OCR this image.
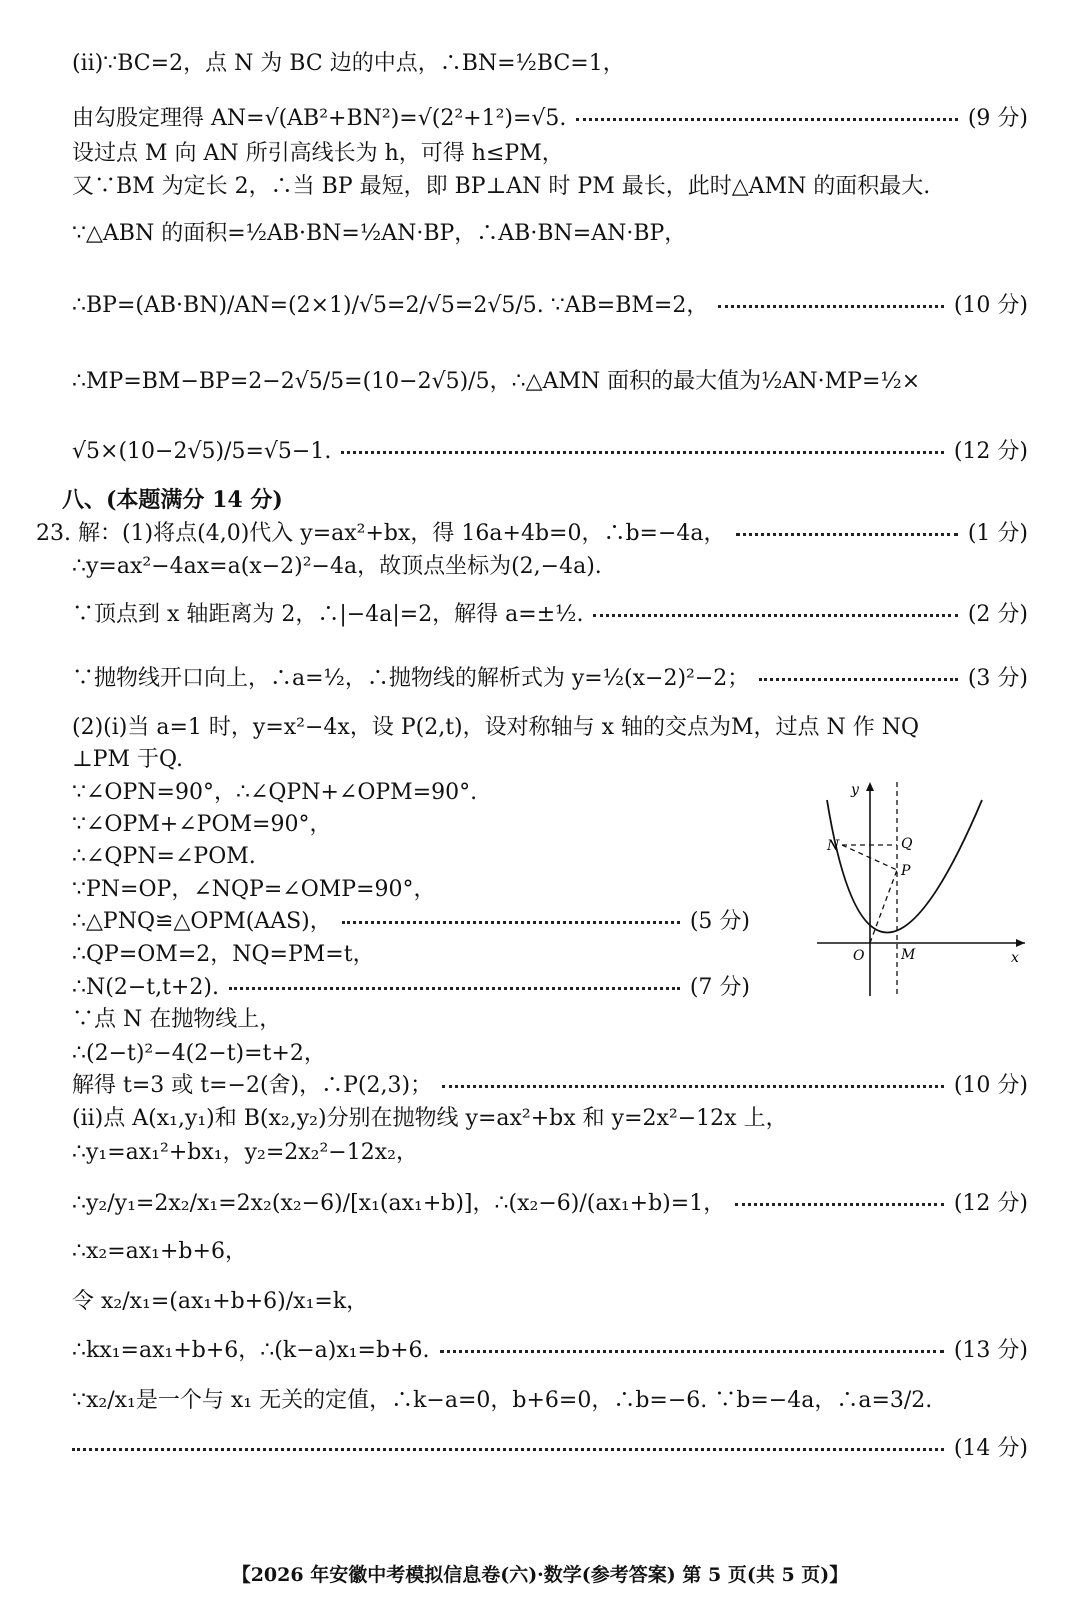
(ⅱ)∵BC=2，点 N 为 BC 边的中点，∴BN=½BC=1，
由勾股定理得 AN=√(AB²+BN²)=√(2²+1²)=√5.	(9 分)
设过点 M 向 AN 所引高线长为 h，可得 h≤PM，
又∵BM 为定长 2，∴当 BP 最短，即 BP⊥AN 时 PM 最长，此时△AMN 的面积最大.
∵△ABN 的面积=½AB·BN=½AN·BP，∴AB·BN=AN·BP，
∴BP=(AB·BN)/AN=(2×1)/√5=2/√5=2√5/5. ∵AB=BM=2，	(10 分)
∴MP=BM−BP=2−2√5/5=(10−2√5)/5，∴△AMN 面积的最大值为½AN·MP=½×
√5×(10−2√5)/5=√5−1.	(12 分)
八、(本题满分 14 分)
23. 解：(1)将点(4,0)代入 y=ax²+bx，得 16a+4b=0，∴b=−4a，	(1 分)
∴y=ax²−4ax=a(x−2)²−4a，故顶点坐标为(2,−4a).
∵顶点到 x 轴距离为 2，∴|−4a|=2，解得 a=±½.	(2 分)
∵抛物线开口向上，∴a=½，∴抛物线的解析式为 y=½(x−2)²−2；	(3 分)
(2)(ⅰ)当 a=1 时，y=x²−4x，设 P(2,t)，设对称轴与 x 轴的交点为M，过点 N 作 NQ
⊥PM 于Q.
∵∠OPN=90°，∴∠QPN+∠OPM=90°.
∵∠OPM+∠POM=90°，
∴∠QPN=∠POM.
∵PN=OP，∠NQP=∠OMP=90°，
∴△PNQ≌△OPM(AAS)，	(5 分)
∴QP=OM=2，NQ=PM=t，
∴N(2−t,t+2).	(7 分)
∵点 N 在抛物线上，
∴(2−t)²−4(2−t)=t+2，
解得 t=3 或 t=−2(舍)，∴P(2,3)；	(10 分)
(ⅱ)点 A(x₁,y₁)和 B(x₂,y₂)分别在抛物线 y=ax²+bx 和 y=2x²−12x 上，
∴y₁=ax₁²+bx₁，y₂=2x₂²−12x₂，
∴y₂/y₁=2x₂/x₁=2x₂(x₂−6)/[x₁(ax₁+b)]，∴(x₂−6)/(ax₁+b)=1，	(12 分)
∴x₂=ax₁+b+6，
令 x₂/x₁=(ax₁+b+6)/x₁=k，
∴kx₁=ax₁+b+6，∴(k−a)x₁=b+6.	(13 分)
∵x₂/x₁是一个与 x₁ 无关的定值，∴k−a=0，b+6=0，∴b=−6. ∵b=−4a，∴a=3/2.
(14 分)
y
x
O	M
N	Q
P
【2026 年安徽中考模拟信息卷(六)·数学(参考答案) 第 5 页(共 5 页)】
